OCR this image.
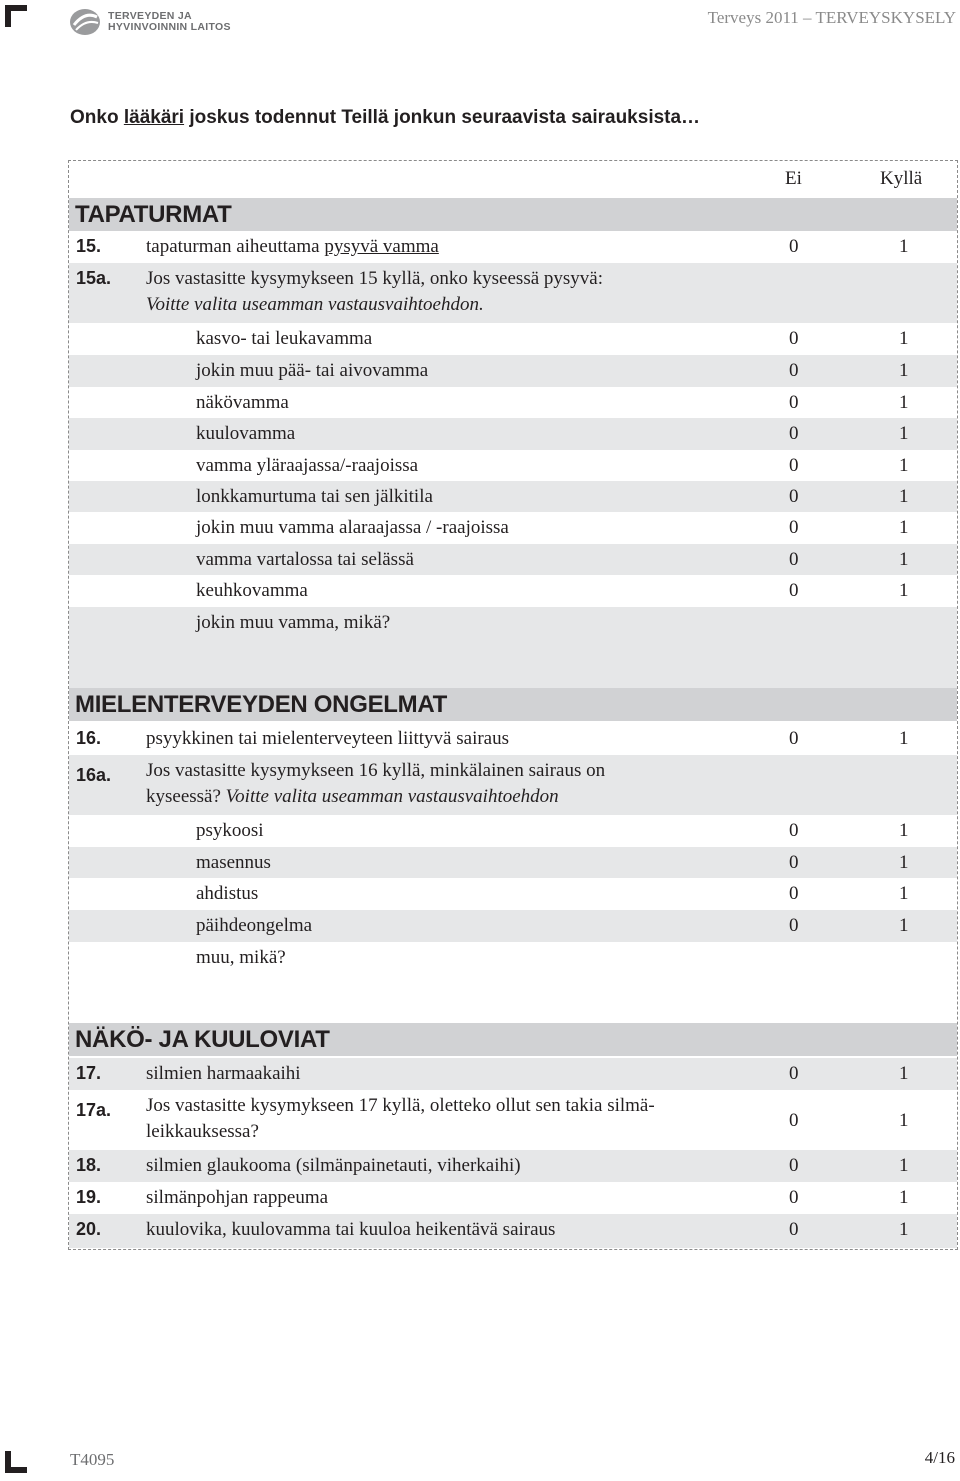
TERVEYDEN JA
HYVINVOINNIN LAITOS	Terveys 2011 – TERVEYSKYSELY
Onko lääkäri joskus todennut Teillä jonkun seuraavista sairauksista…
Ei	Kyllä
TAPATURMAT
15. tapaturman aiheuttama pysyvä vamma	0	1
15a. Jos vastasitte kysymykseen 15 kyllä, onko kyseessä pysyvä:
Voitte valita useamman vastausvaihtoehdon.
kasvo- tai leukavamma	0	1
jokin muu pää- tai aivovamma	0	1
näkövamma	0	1
kuulovamma	0	1
vamma yläraajassa/-raajoissa	0	1
lonkkamurtuma tai sen jälkitila	0	1
jokin muu vamma alaraajassa / -raajoissa	0	1
vamma vartalossa tai selässä	0	1
keuhkovamma	0	1
jokin muu vamma, mikä?
MIELENTERVEYDEN ONGELMAT
16. psyykkinen tai mielenterveyteen liittyvä sairaus	0	1
16a. Jos vastasitte kysymykseen 16 kyllä, minkälainen sairaus on
kyseessä? Voitte valita useamman vastausvaihtoehdon
psykoosi	0	1
masennus	0	1
ahdistus	0	1
päihdeongelma	0	1
muu, mikä?
NÄKÖ- JA KUULOVIAT
17. silmien harmaakaihi	0	1
17a. Jos vastasitte kysymykseen 17 kyllä, oletteko ollut sen takia silmä-
leikkauksessa?
0	1
18. silmien glaukooma (silmänpainetauti, viherkaihi)	0	1
19. silmänpohjan rappeuma	0	1
20. kuulovika, kuulovamma tai kuuloa heikentävä sairaus	0	1
T4095	4/16
